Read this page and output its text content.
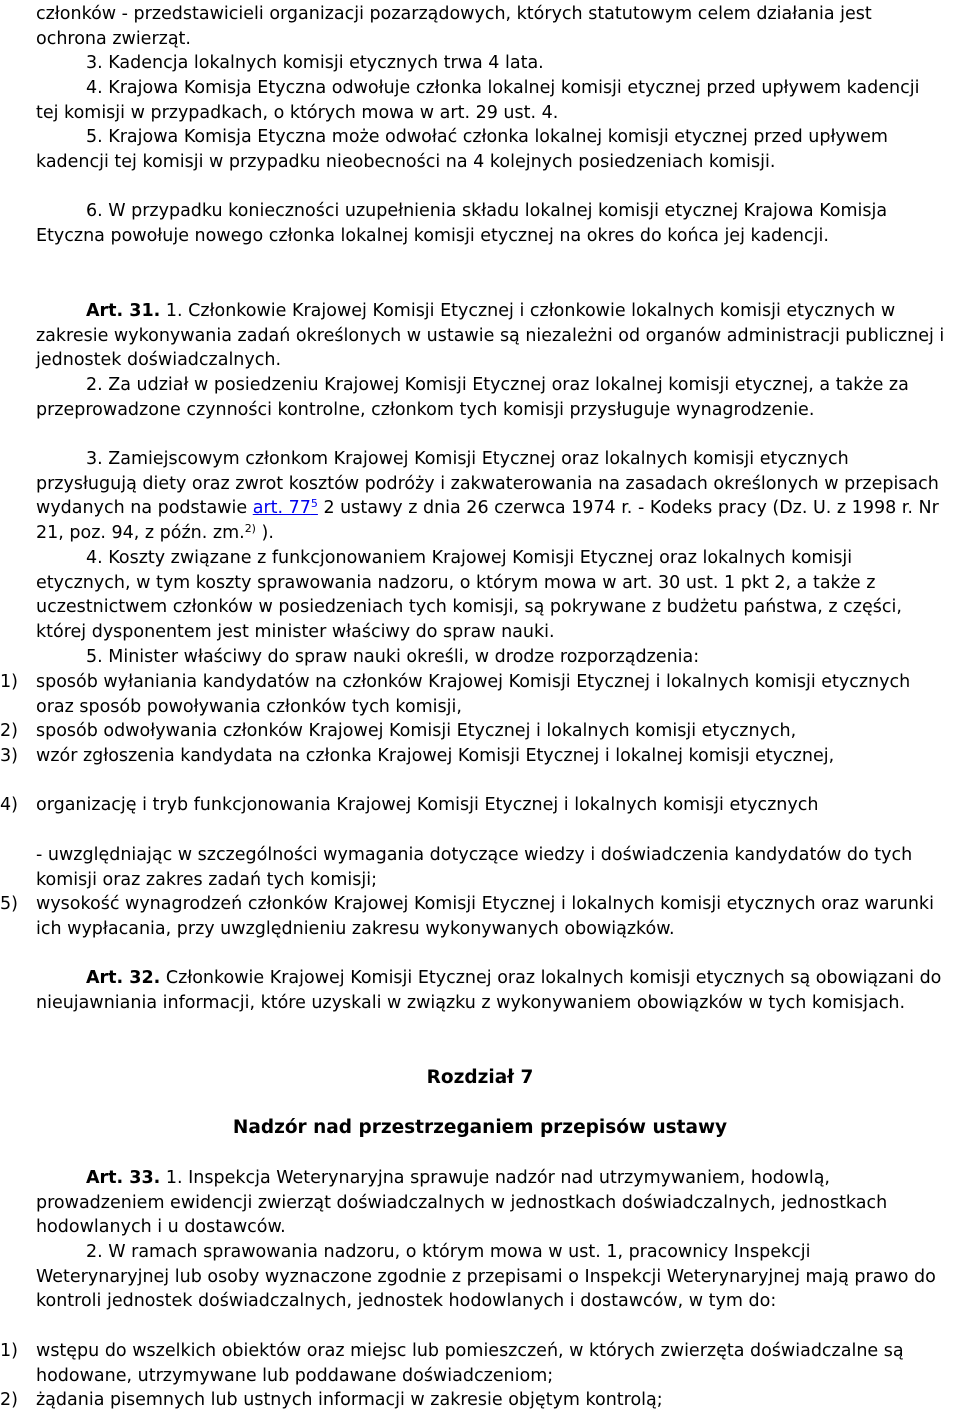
członków - przedstawicieli organizacji pozarządowych, których statutowym celem działania jest ochrona zwierząt.

3. Kadencja lokalnych komisji etycznych trwa 4 lata.

4. Krajowa Komisja Etyczna odwołuje członka lokalnej komisji etycznej przed upływem kadencji tej komisji w przypadkach, o których mowa w art. 29 ust. 4.

5. Krajowa Komisja Etyczna może odwołać członka lokalnej komisji etycznej przed upływem kadencji tej komisji w przypadku nieobecności na 4 kolejnych posiedzeniach komisji.

6. W przypadku konieczności uzupełnienia składu lokalnej komisji etycznej Krajowa Komisja Etyczna powołuje nowego członka lokalnej komisji etycznej na okres do końca jej kadencji.

Art. 31. 1. Członkowie Krajowej Komisji Etycznej i członkowie lokalnych komisji etycznych w zakresie wykonywania zadań określonych w ustawie są niezależni od organów administracji publicznej i jednostek doświadczalnych.

2. Za udział w posiedzeniu Krajowej Komisji Etycznej oraz lokalnej komisji etycznej, a także za przeprowadzone czynności kontrolne, członkom tych komisji przysługuje wynagrodzenie.

3. Zamiejscowym członkom Krajowej Komisji Etycznej oraz lokalnych komisji etycznych przysługują diety oraz zwrot kosztów podróży i zakwaterowania na zasadach określonych w przepisach wydanych na podstawie art. 77$^5$ 2 ustawy z dnia 26 czerwca 1974 r. - Kodeks pracy (Dz. U. z 1998 r. Nr 21, poz. 94, z późn. zm.$^{2)}$ ).

4. Koszty związane z funkcjonowaniem Krajowej Komisji Etycznej oraz lokalnych komisji etycznych, w tym koszty sprawowania nadzoru, o którym mowa w art. 30 ust. 1 pkt 2, a także z uczestnictwem członków w posiedzeniach tych komisji, są pokrywane z budżetu państwa, z części, której dysponentem jest minister właściwy do spraw nauki.

5. Minister właściwy do spraw nauki określi, w drodze rozporządzenia:

1) sposób wyłaniania kandydatów na członków Krajowej Komisji Etycznej i lokalnych komisji etycznych oraz sposób powoływania członków tych komisji,
2) sposób odwoływania członków Krajowej Komisji Etycznej i lokalnych komisji etycznych,
3) wzór zgłoszenia kandydata na członka Krajowej Komisji Etycznej i lokalnej komisji etycznej,
4) organizację i tryb funkcjonowania Krajowej Komisji Etycznej i lokalnych komisji etycznych

- uwzględniając w szczególności wymagania dotyczące wiedzy i doświadczenia kandydatów do tych komisji oraz zakres zadań tych komisji;

5) wysokość wynagrodzeń członków Krajowej Komisji Etycznej i lokalnych komisji etycznych oraz warunki ich wypłacania, przy uwzględnieniu zakresu wykonywanych obowiązków.

Art. 32. Członkowie Krajowej Komisji Etycznej oraz lokalnych komisji etycznych są obowiązani do nieujawniania informacji, które uzyskali w związku z wykonywaniem obowiązków w tych komisjach.

Rozdział 7

Nadzór nad przestrzeganiem przepisów ustawy

Art. 33. 1. Inspekcja Weterynaryjna sprawuje nadzór nad utrzymywaniem, hodowlą, prowadzeniem ewidencji zwierząt doświadczalnych w jednostkach doświadczalnych, jednostkach hodowlanych i u dostawców.

2. W ramach sprawowania nadzoru, o którym mowa w ust. 1, pracownicy Inspekcji Weterynaryjnej lub osoby wyznaczone zgodnie z przepisami o Inspekcji Weterynaryjnej mają prawo do kontroli jednostek doświadczalnych, jednostek hodowlanych i dostawców, w tym do:

1) wstępu do wszelkich obiektów oraz miejsc lub pomieszczeń, w których zwierzęta doświadczalne są hodowane, utrzymywane lub poddawane doświadczeniom;
2) żądania pisemnych lub ustnych informacji w zakresie objętym kontrolą;
